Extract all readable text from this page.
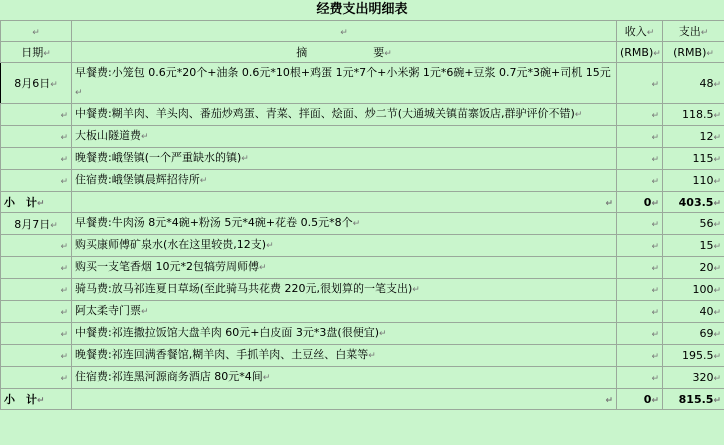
经费支出明细表
↵	↵	收入↵	支出↵
日期↵	摘　　　　　　要↵	(RMB)↵	(RMB)↵
8月6日↵	早餐费:小笼包 0.6元*20个+油条 0.6元*10根+鸡蛋 1元*7个+小米粥 1元*6碗+豆浆 0.7元*3碗+司机 15元↵	↵	48↵
↵	中餐费:糊羊肉、羊头肉、番茄炒鸡蛋、青菜、拌面、烩面、炒二节(大通城关镇苗寨饭店,群驴评价不错)↵	↵	118.5↵
↵	大板山隧道费↵	↵	12↵
↵	晚餐费:峨堡镇(一个严重缺水的镇)↵	↵	115↵
↵	住宿费:峨堡镇晨辉招待所↵	↵	110↵
小　计↵	↵	0↵	403.5↵
8月7日↵	早餐费:牛肉汤 8元*4碗+粉汤 5元*4碗+花卷 0.5元*8个↵	↵	56↵
↵	购买康师傅矿泉水(水在这里较贵,12支)↵	↵	15↵
↵	购买一支笔香烟 10元*2包犒劳周师傅↵	↵	20↵
↵	骑马费:放马祁连夏日草场(至此骑马共花费 220元,很划算的一笔支出)↵	↵	100↵
↵	阿太柔寺门票↵	↵	40↵
↵	中餐费:祁连撒拉饭馆大盘羊肉 60元+白皮面 3元*3盘(很便宜)↵	↵	69↵
↵	晚餐费:祁连回满香餐馆,糊羊肉、手抓羊肉、土豆丝、白菜等↵	↵	195.5↵
↵	住宿费:祁连黑河源商务酒店 80元*4间↵	↵	320↵
小　计↵	↵	0↵	815.5↵
